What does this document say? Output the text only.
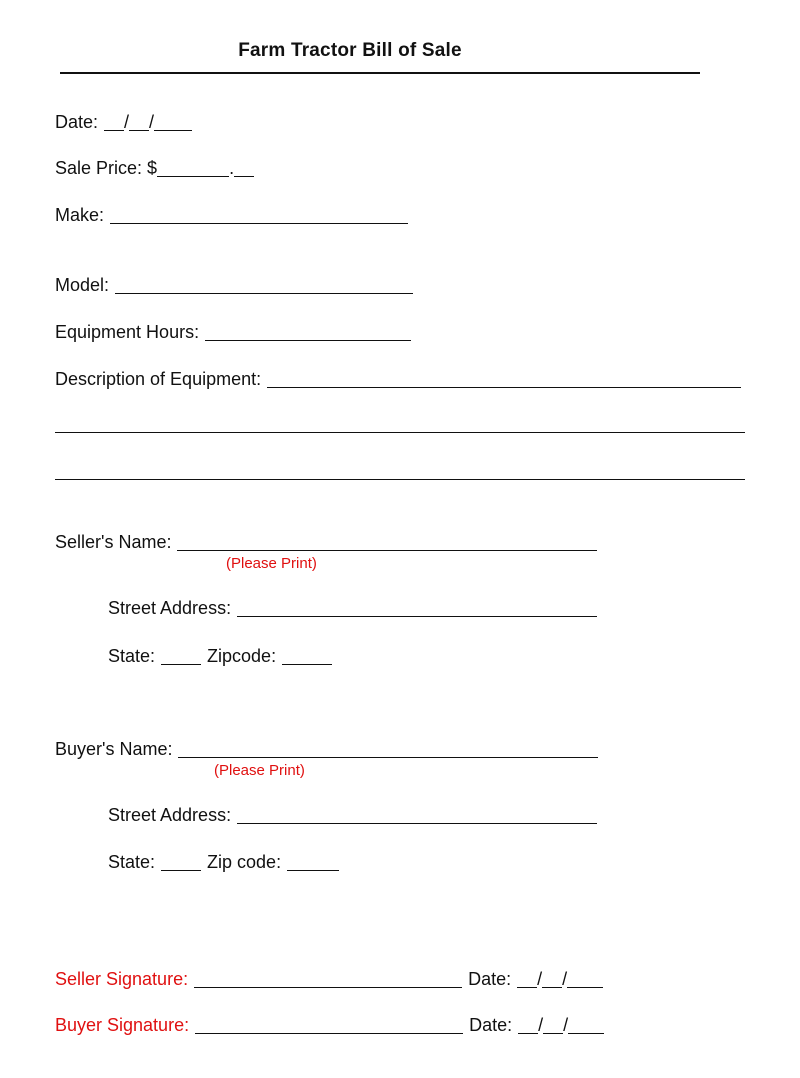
Farm Tractor Bill of Sale
Date: / /
Sale Price: $	.
Make:
Model:
Equipment Hours:
Description of Equipment:
Seller's Name:
(Please Print)
Street Address:
State:	Zipcode:
Buyer's Name:
(Please Print)
Street Address:
State:	Zip code:
Seller Signature:	Date: / /
Buyer Signature:	Date: / /
